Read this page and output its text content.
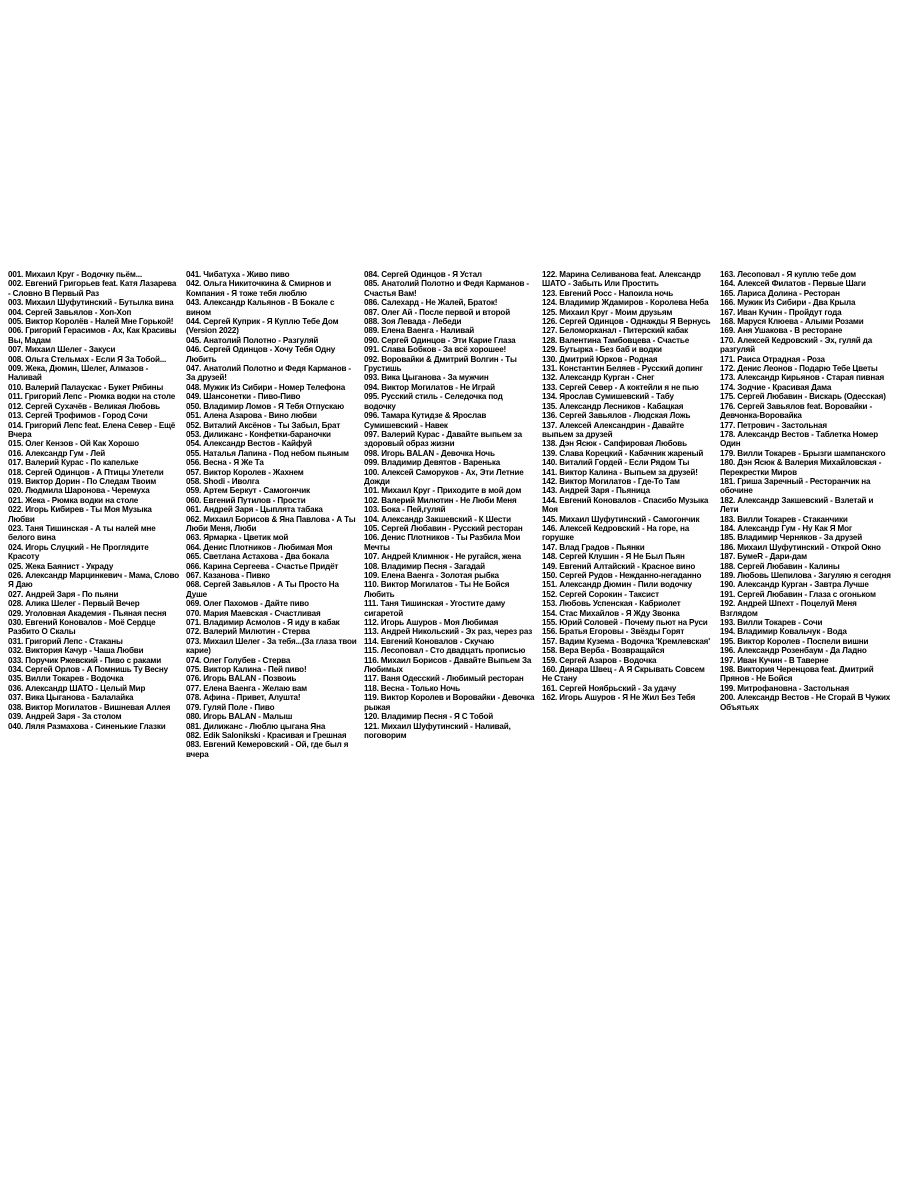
001. Михаил Круг - Водочку пьём...

002. Евгений Григорьев feat. Катя Лазарева - Словно В Первый Раз

003. Михаил Шуфутинский - Бутылка вина

004. Сергей Завьялов - Хоп-Хоп

005. Виктор Королёв - Налей Мне Горькой!

006. Григорий Герасимов - Ах, Как Красивы Вы, Мадам

007. Михаил Шелег - Закуси

008. Ольга Стельмах - Если Я За Тобой...

009. Жека, Дюмин, Шелег, Алмазов - Наливай

010. Валерий Палаускас - Букет Рябины

011. Григорий Лепс - Рюмка водки на столе

012. Сергей Сухачёв - Великая Любовь

013. Сергей Трофимов - Город Сочи

014. Григорий Лепс feat. Елена Север - Ещё Вчера

015. Олег Кензов - Ой Как Хорошо

016. Александр Гум - Лей

017. Валерий Курас - По капельке

018. Сергей Одинцов - А Птицы Улетели

019. Виктор Дорин - По Следам Твоим

020. Людмила Шаронова - Черемуха

021. Жека - Рюмка водки на столе

022. Игорь Кибирев - Ты Моя Музыка Любви

023. Таня Тишинская - А ты налей мне белого вина

024. Игорь Слуцкий - Не Проглядите Красоту

025. Жека Баянист - Украду

026. Александр Марцинкевич - Мама, Слово Я Даю

027. Андрей Заря - По пьяни

028. Алика Шелег - Первый Вечер

029. Уголовная Академия - Пьяная песня

030. Евгений Коновалов - Моё Сердце Разбито О Скалы

031. Григорий Лепс - Стаканы

032. Виктория Качур - Чаша Любви

033. Поручик Ржевский - Пиво с раками

034. Сергей Орлов - А Помнишь Ту Весну

035. Вилли Токарев - Водочка

036. Александр ШАТО - Целый Мир

037. Вика Цыганова - Балалайка

038. Виктор Могилатов - Вишневая Аллея

039. Андрей Заря - За столом

040. Ляля Размахова - Синенькие Глазки

041. Чибатуха - Живо пиво

042. Ольга Никиточкина & Смирнов и Компания - Я тоже тебя люблю

043. Александр Кальянов - В Бокале с вином

044. Сергей Куприк - Я Куплю Тебе Дом (Version 2022)

045. Анатолий Полотно - Разгуляй

046. Сергей Одинцов - Хочу Тебя Одну Любить

047. Анатолий Полотно и Федя Карманов - За друзей!

048. Мужик Из Сибири - Номер Телефона

049. Шансонетки - Пиво-Пиво

050. Владимир Ломов - Я Тебя Отпускаю

051. Алена Азарова - Вино любви

052. Виталий Аксёнов - Ты Забыл, Брат

053. Дилижанс - Конфетки-бараночки

054. Александр Вестов - Кайфуй

055. Наталья Лапина - Под небом пьяным

056. Весна - Я Же Та

057. Виктор Королев - Жахнем

058. Shodi - Иволга

059. Артем Беркут - Самогончик

060. Евгений Путилов - Прости

061. Андрей Заря - Цыплята табака

062. Михаил Борисов & Яна Павлова - А Ты Люби Меня, Люби

063. Ярмарка - Цветик мой

064. Денис Плотников - Любимая Моя

065. Светлана Астахова - Два бокала

066. Карина Сергеева - Счастье Придёт

067. Казанова - Пивко

068. Сергей Завьялов - А Ты Просто На Душе

069. Олег Пахомов - Дайте пиво

070. Мария Маевская - Счастливая

071. Владимир Асмолов - Я иду в кабак

072. Валерий Милютин - Стерва

073. Михаил Шелег - За тебя...(За глаза твои карие)

074. Олег Голубев - Стерва

075. Виктор Калина - Пей пиво!

076. Игорь BALAN - Позвоиь

077. Елена Ваенга - Желаю вам

078. Афина - Привет, Алушта!

079. Гуляй Поле - Пиво

080. Игорь BALAN - Малыш

081. Дилижанс - Люблю цыгана Яна

082. Edik Salonikski - Красивая и Грешная

083. Евгений Кемеровский - Ой, где был я вчера

084. Сергей Одинцов - Я Устал

085. Анатолий Полотно и Федя Карманов - Счастья Вам!

086. Салехард - Не Жалей, Браток!

087. Олег Ай - После первой и второй

088. Зоя Левада - Лебеди

089. Елена Ваенга - Наливай

090. Сергей Одинцов - Эти Карие Глаза

091. Слава Бобков - За всё хорошее!

092. Воровайки & Дмитрий Волгин - Ты Грустишь

093. Вика Цыганова - За мужчин

094. Виктор Могилатов - Не Играй

095. Русский стиль - Селедочка под водочку

096. Тамара Кутидзе & Ярослав Сумишевский - Навек

097. Валерий Курас - Давайте выпьем за здоровый образ жизни

098. Игорь BALAN - Девочка Ночь

099. Владимир Девятов - Варенька

100. Алексей Саморуков - Ах, Эти Летние Дожди

101. Михаил Круг - Приходите в мой дом

102. Валерий Милютин - Не Люби Меня

103. Бока - Пей,гуляй

104. Александр Закшевский - К Шести

105. Сергей Любавин - Русский ресторан

106. Денис Плотников - Ты Разбила Мои Мечты

107. Андрей Климнюк - Не ругайся, жена

108. Владимир Песня - Загадай

109. Елена Ваенга - Золотая рыбка

110. Виктор Могилатов - Ты Не Бойся Любить

111. Таня Тишинская - Угостите даму сигаретой

112. Игорь Ашуров - Моя Любимая

113. Андрей Никольский - Эх раз, через раз

114. Евгений Коновалов - Скучаю

115. Лесоповал - Сто двадцать прописью

116. Михаил Борисов - Давайте Выпьем За Любимых

117. Ваня Одесский - Любимый ресторан

118. Весна - Только Ночь

119. Виктор Королев и Воровайки - Девочка рыжая

120. Владимир Песня - Я С Тобой

121. Михаил Шуфутинский - Наливай, поговорим

122. Марина Селиванова feat. Александр ШАТО - Забыть Или Простить

123. Евгений Росс - Напоила ночь

124. Владимир Ждамиров - Королева Неба

125. Михаил Круг - Моим друзьям

126. Сергей Одинцов - Однажды Я Вернусь

127. Беломорканал - Питерский кабак

128. Валентина Тамбовцева - Счастье

129. Бутырка - Без баб и водки

130. Дмитрий Юрков - Родная

131. Константин Беляев - Русский допинг

132. Александр Курган - Снег

133. Сергей Север - А коктейли я не пью

134. Ярослав Сумишевский - Табу

135. Александр Лесников - Кабацкая

136. Сергей Завьялов - Людская Ложь

137. Алексей Александрин - Давайте выпьем за друзей

138. Дэн Ясюк - Сапфировая Любовь

139. Слава Корецкий - Кабачник жареный

140. Виталий Гордей - Если Рядом Ты

141. Виктор Калина - Выпьем за друзей!

142. Виктор Могилатов - Где-То Там

143. Андрей Заря - Пьяница

144. Евгений Коновалов - Спасибо Музыка Моя

145. Михаил Шуфутинский - Самогончик

146. Алексей Кедровский - На горе, на горушке

147. Влад Градов - Пьянки

148. Сергей Клушин - Я Не Был Пьян

149. Евгений Алтайский - Красное вино

150. Сергей Рудов - Нежданно-негаданно

151. Александр Дюмин - Пили водочку

152. Сергей Сорокин - Таксист

153. Любовь Успенская - Кабриолет

154. Стас Михайлов - Я Жду Звонка

155. Юрий Соловей - Почему пьют на Руси

156. Братья Егоровы - Звёзды Горят

157. Вадим Кузема - Водочка 'Кремлевская'

158. Вера Верба - Возвращайся

159. Сергей Азаров - Водочка

160. Динара Швец - А Я Скрывать Совсем Не Стану

161. Сергей Ноябрьский - За удачу

162. Игорь Ашуров - Я Не Жил Без Тебя

163. Лесоповал - Я куплю тебе дом

164. Алексей Филатов - Первые Шаги

165. Лариса Долина - Ресторан

166. Мужик Из Сибири - Два Крыла

167. Иван Кучин - Пройдут года

168. Маруся Клюева - Алыми Розами

169. Аня Ушакова - В ресторане

170. Алексей Кедровский - Эх, гуляй да разгуляй

171. Раиса Отрадная - Роза

172. Денис Леонов - Подарю Тебе Цветы

173. Александр Кирьянов - Старая пивная

174. Зодчие - Красивая Дама

175. Сергей Любавин - Вискарь (Одесская)

176. Сергей Завьялов feat. Воровайки - Девчонка-Воровайка

177. Петрович - Застольная

178. Александр Вестов - Таблетка Номер Один

179. Вилли Токарев - Брызги шампанского

180. Дэн Ясюк & Валерия Михайловская - Перекрестки Миров

181. Гриша Заречный - Ресторанчик на обочине

182. Александр Закшевский - Взлетай и Лети

183. Вилли Токарев - Стаканчики

184. Александр Гум - Ну Как Я Мог

185. Владимир Черняков - За друзей

186. Михаил Шуфутинский - Открой Окно

187. БумеR - Дари-дам

188. Сергей Любавин - Калины

189. Любовь Шепилова - Загуляю я сегодня

190. Александр Курган - Завтра Лучше

191. Сергей Любавин - Глаза с огоньком

192. Андрей Шпехт - Поцелуй Меня Взглядом

193. Вилли Токарев - Сочи

194. Владимир Ковальчук - Вода

195. Виктор Королев - Поспели вишни

196. Александр Розенбаум - Да Ладно

197. Иван Кучин - В Таверне

198. Виктория Черенцова feat. Дмитрий Прянов - Не Бойся

199. Митрофановна - Застольная

200. Александр Вестов - Не Сгорай В Чужих Объятьях
